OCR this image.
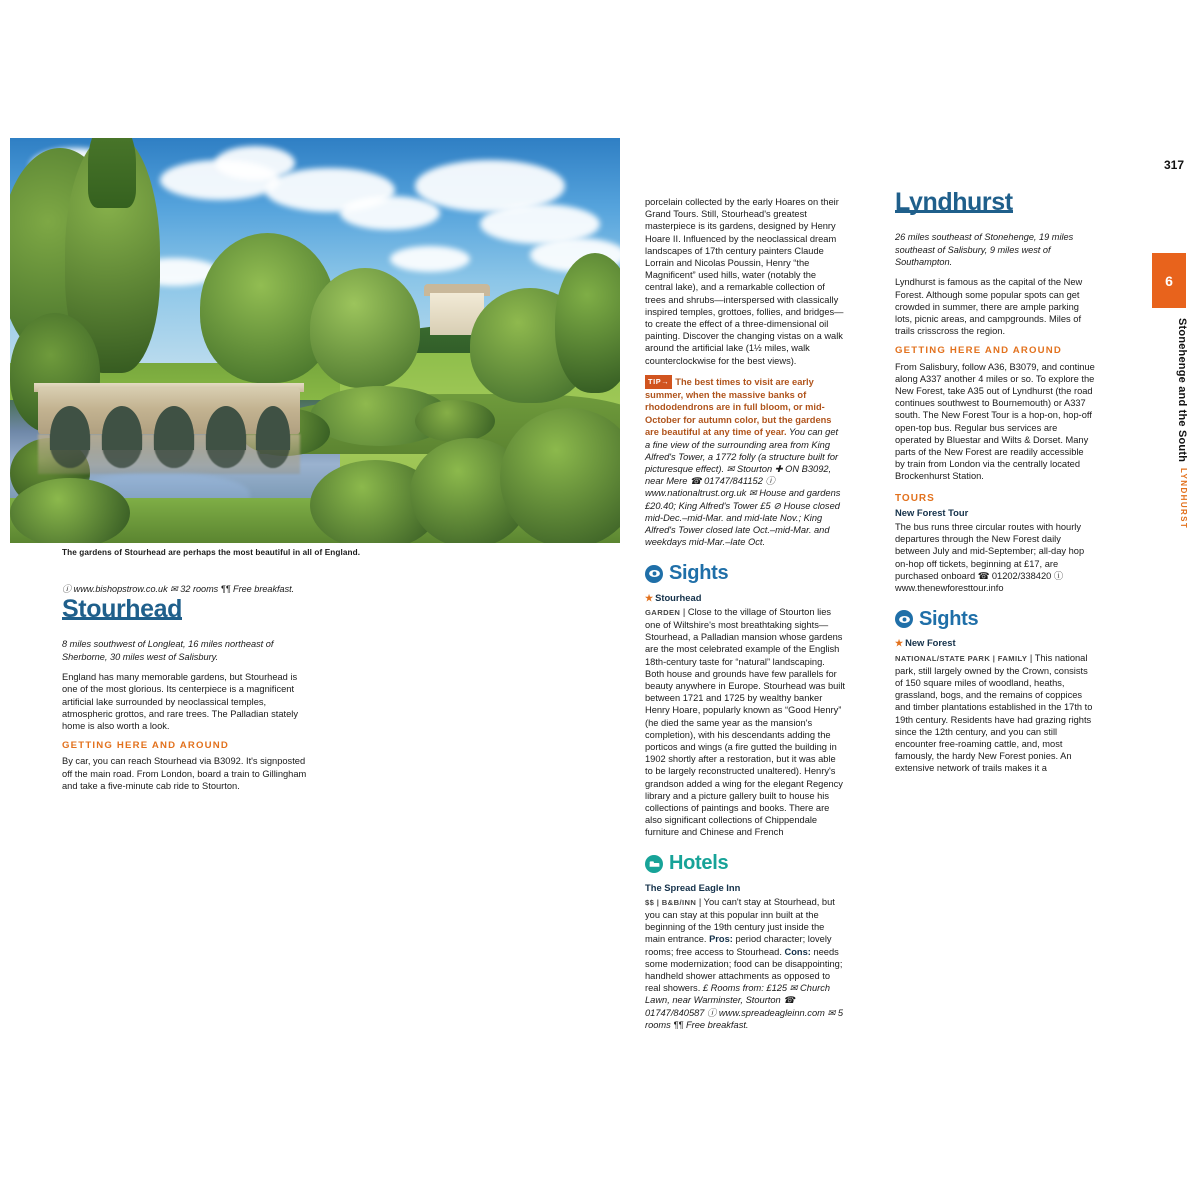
The gardens of Stourhead are perhaps the most beautiful in all of England.

ⓘ www.bishopstrow.co.uk ✉ 32 rooms ¶¶ Free breakfast.

Stourhead

8 miles southwest of Longleat, 16 miles northeast of Sherborne, 30 miles west of Salisbury.

England has many memorable gardens, but Stourhead is one of the most glorious. Its centerpiece is a magnificent artificial lake surrounded by neoclassical temples, atmospheric grottos, and rare trees. The Palladian stately home is also worth a look.

GETTING HERE AND AROUND

By car, you can reach Stourhead via B3092. It's signposted off the main road. From London, board a train to Gillingham and take a five-minute cab ride to Stourton.

porcelain collected by the early Hoares on their Grand Tours. Still, Stourhead's greatest masterpiece is its gardens, designed by Henry Hoare II. Influenced by the neoclassical dream landscapes of 17th century painters Claude Lorrain and Nicolas Poussin, Henry “the Magnificent” used hills, water (notably the central lake), and a remarkable collection of trees and shrubs—interspersed with classically inspired temples, grottoes, follies, and bridges—to create the effect of a three-dimensional oil painting. Discover the changing vistas on a walk around the artificial lake (1½ miles, walk counterclockwise for the best views).

TIP→ The best times to visit are early summer, when the massive banks of rhododendrons are in full bloom, or mid-October for autumn color, but the gardens are beautiful at any time of year. You can get a fine view of the surrounding area from King Alfred's Tower, a 1772 folly (a structure built for picturesque effect). ✉ Stourton ✚ ON B3092, near Mere ☎ 01747/841152 ⓘ www.nationaltrust.org.uk ✉ House and gardens £20.40; King Alfred's Tower £5 ⊘ House closed mid-Dec.–mid-Mar. and mid-late Nov.; King Alfred's Tower closed late Oct.–mid-Mar. and weekdays mid-Mar.–late Oct.
Sights
★ Stourhead

GARDEN | Close to the village of Stourton lies one of Wiltshire's most breathtaking sights—Stourhead, a Palladian mansion whose gardens are the most celebrated example of the English 18th-century taste for “natural” landscaping. Both house and grounds have few parallels for beauty anywhere in Europe. Stourhead was built between 1721 and 1725 by wealthy banker Henry Hoare, popularly known as “Good Henry” (he died the same year as the mansion's completion), with his descendants adding the porticos and wings (a fire gutted the building in 1902 shortly after a restoration, but it was able to be largely reconstructed unaltered). Henry's grandson added a wing for the elegant Regency library and a picture gallery built to house his collections of paintings and books. There are also significant collections of Chippendale furniture and Chinese and French

Hotels
The Spread Eagle Inn

$$ | B&B/INN | You can't stay at Stourhead, but you can stay at this popular inn built at the beginning of the 19th century just inside the main entrance. Pros: period character; lovely rooms; free access to Stourhead. Cons: needs some modernization; food can be disappointing; handheld shower attachments as opposed to real showers. £ Rooms from: £125 ✉ Church Lawn, near Warminster, Stourton ☎ 01747/840587 ⓘ www.spreadeagleinn.com ✉ 5 rooms ¶¶ Free breakfast.

Lyndhurst

26 miles southeast of Stonehenge, 19 miles southeast of Salisbury, 9 miles west of Southampton.

Lyndhurst is famous as the capital of the New Forest. Although some popular spots can get crowded in summer, there are ample parking lots, picnic areas, and campgrounds. Miles of trails crisscross the region.

GETTING HERE AND AROUND

From Salisbury, follow A36, B3079, and continue along A337 another 4 miles or so. To explore the New Forest, take A35 out of Lyndhurst (the road continues southwest to Bournemouth) or A337 south. The New Forest Tour is a hop-on, hop-off open-top bus. Regular bus services are operated by Bluestar and Wilts & Dorset. Many parts of the New Forest are readily accessible by train from London via the centrally located Brockenhurst Station.

TOURS
New Forest Tour

The bus runs three circular routes with hourly departures through the New Forest daily between July and mid-September; all-day hop on-hop off tickets, beginning at £17, are purchased onboard ☎ 01202/338420 ⓘ www.thenewforesttour.info

Sights
★ New Forest

NATIONAL/STATE PARK | FAMILY | This national park, still largely owned by the Crown, consists of 150 square miles of woodland, heaths, grassland, bogs, and the remains of coppices and timber plantations established in the 17th to 19th century. Residents have had grazing rights since the 12th century, and you can still encounter free-roaming cattle, and, most famously, the hardy New Forest ponies. An extensive network of trails makes it a

317
6
Stonehenge and the South
LYNDHURST
